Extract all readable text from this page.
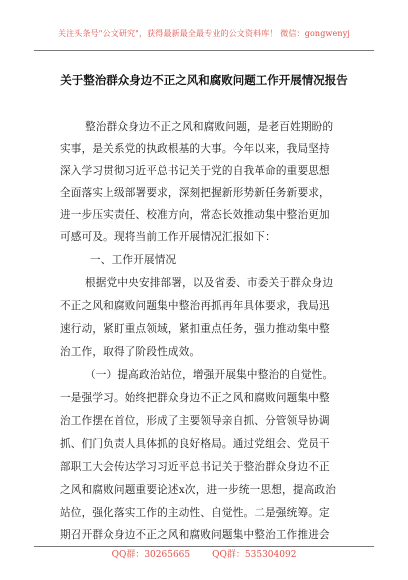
关注头条号"公文研究"，获得最新最全最专业的公文资料库！ 微信：gongwenyj
关于整治群众身边不正之风和腐败问题工作开展情况报告
整治群众身边不正之风和腐败问题，是老百姓期盼的
实事，是关系党的执政根基的大事。今年以来，我局坚持
深入学习贯彻习近平总书记关于党的自我革命的重要思想
全面落实上级部署要求，深刻把握新形势新任务新要求，
进一步压实责任、校准方向，常态长效推动集中整治更加
可感可及。现将当前工作开展情况汇报如下：
一、工作开展情况
根据党中央安排部署，以及省委、市委关于群众身边
不正之风和腐败问题集中整治再抓再年具体要求，我局迅
速行动，紧盯重点领域，紧扣重点任务，强力推动集中整
治工作，取得了阶段性成效。
（一）提高政治站位，增强开展集中整治的自觉性。
一是强学习。始终把群众身边不正之风和腐败问题集中整
治工作摆在首位，形成了主要领导亲自抓、分管领导协调
抓、们门负责人具体抓的良好格局。通过党组会、党员干
部职工大会传达学习习近平总书记关于整治群众身边不正
之风和腐败问题重要论述x次，进一步统一思想，提高政治
站位，强化落实工作的主动性、自觉性。二是强统筹。定
期召开群众身边不正之风和腐败问题集中整治工作推进会
QQ群：30265665 QQ群：535304092
